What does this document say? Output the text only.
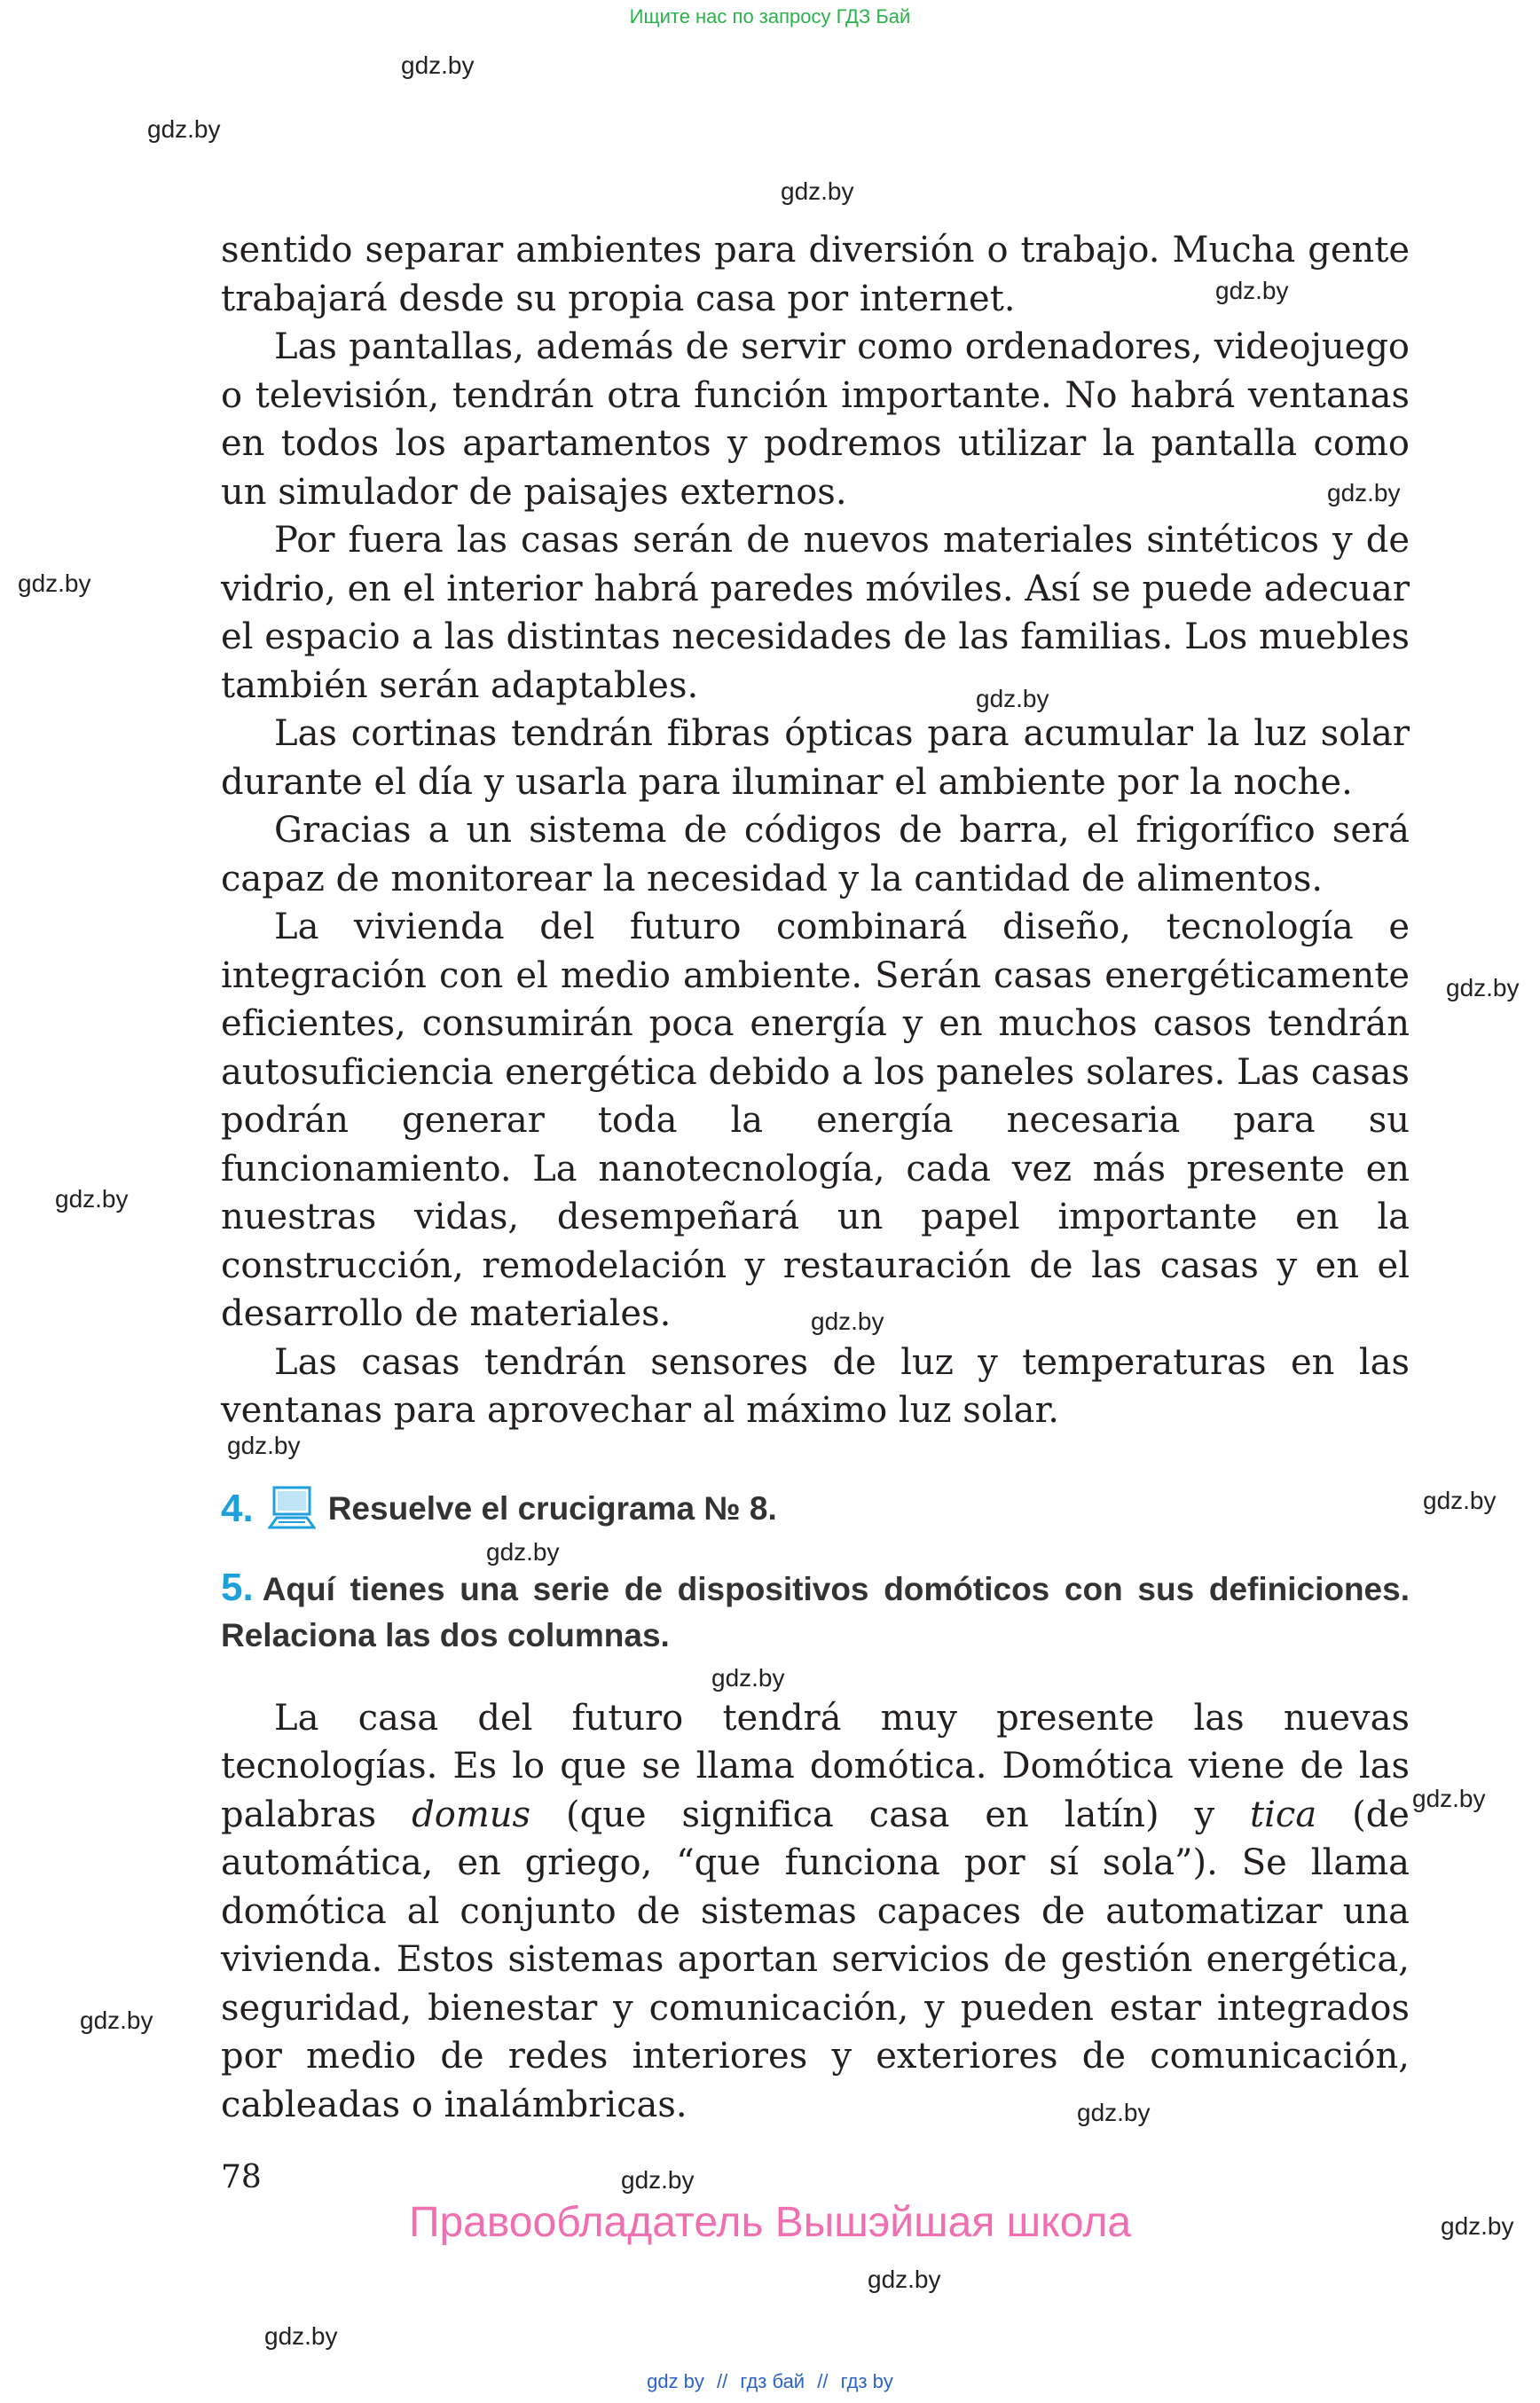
Ищите нас по запросу ГДЗ Бай
gdz.by
gdz.by
gdz.by
gdz.by
gdz.by
gdz.by
gdz.by
gdz.by
gdz.by
gdz.by
gdz.by
gdz.by
gdz.by
gdz.by
gdz.by
gdz.by
gdz.by
gdz.by
gdz.by
gdz.by
gdz.by

sentido separar ambientes para diversión o trabajo. Mucha gente trabajará desde su propia casa por internet.

Las pantallas, además de servir como ordenadores, videojuego o televisión, tendrán otra función importante. No habrá ventanas en todos los apartamentos y podremos utilizar la pantalla como un simulador de paisajes externos.

Por fuera las casas serán de nuevos materiales sintéticos y de vidrio, en el interior habrá paredes móviles. Así se puede adecuar el espacio a las distintas necesidades de las familias. Los muebles también serán adaptables.

Las cortinas tendrán fibras ópticas para acumular la luz solar durante el día y usarla para iluminar el ambiente por la noche.

Gracias a un sistema de códigos de barra, el frigorífico será capaz de monitorear la necesidad y la cantidad de alimentos.

La vivienda del futuro combinará diseño, tecnología e integración con el medio ambiente. Serán casas energéticamente eficientes, consumirán poca energía y en muchos casos tendrán autosuficiencia energética debido a los paneles solares. Las casas podrán generar toda la energía necesaria para su funcionamiento. La nanotecnología, cada vez más presente en nuestras vidas, desempeñará un papel importante en la construcción, remodelación y restauración de las casas y en el desarrollo de materiales.

Las casas tendrán sensores de luz y temperaturas en las ventanas para aprovechar al máximo luz solar.

4. Resuelve el crucigrama № 8.
5. Aquí tienes una serie de dispositivos domóticos con sus definiciones. Relaciona las dos columnas.

La casa del futuro tendrá muy presente las nuevas tecnologías. Es lo que se llama domótica. Domótica viene de las palabras domus (que significa casa en latín) y tica (de automática, en griego, “que funciona por sí sola”). Se llama domótica al conjunto de sistemas capaces de automatizar una vivienda. Estos sistemas aportan servicios de gestión energética, seguridad, bienestar y comunicación, y pueden estar integrados por medio de redes interiores y exteriores de comunicación, cableadas o inalámbricas.

78
Правообладатель Вышэйшая школа
gdz by // гдз бай // гдз by
